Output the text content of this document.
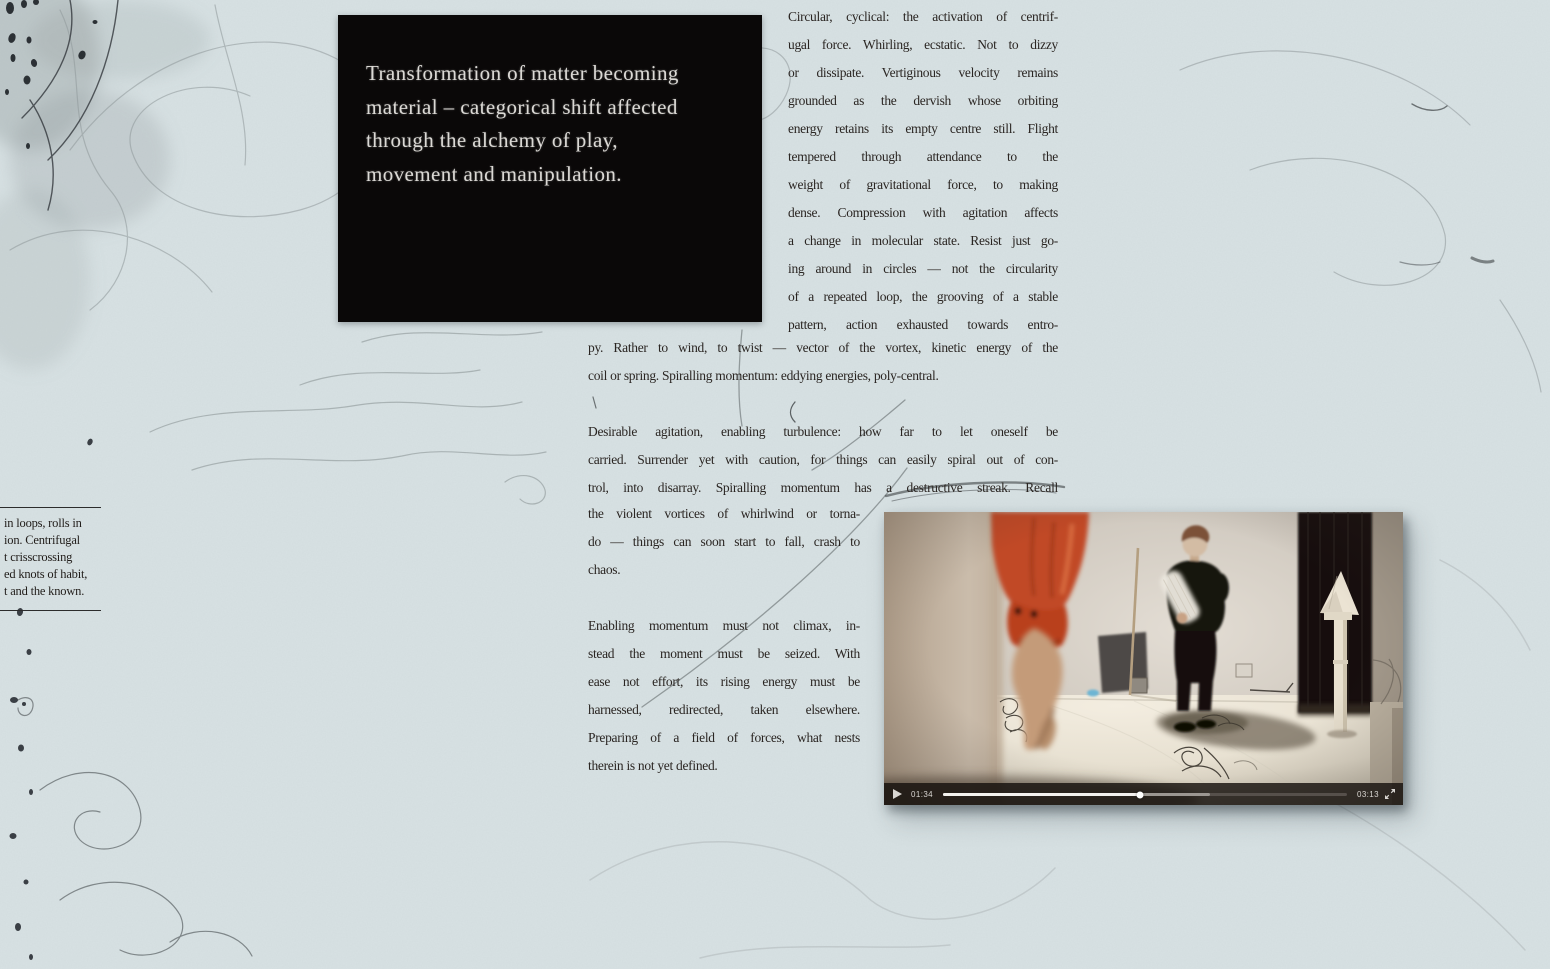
Transformation of matter becoming
material – categorical shift affected
through the alchemy of play,
movement and manipulation.
Circular, cyclical: the activation of centrif-
ugal force. Whirling, ecstatic. Not to dizzy
or dissipate. Vertiginous velocity remains
grounded as the dervish whose orbiting
energy retains its empty centre still. Flight
tempered through attendance to the
weight of gravitational force, to making
dense. Compression with agitation affects
a change in molecular state. Resist just go-
ing around in circles — not the circularity
of a repeated loop, the grooving of a stable
pattern, action exhausted towards entro-
py. Rather to wind, to twist — vector of the vortex, kinetic energy of the
coil or spring. Spiralling momentum: eddying energies, poly-central.
Desirable agitation, enabling turbulence: how far to let oneself be
carried. Surrender yet with caution, for things can easily spiral out of con-
trol, into disarray. Spiralling momentum has a destructive streak. Recall
the violent vortices of whirlwind or torna-
do — things can soon start to fall, crash to
chaos.
Enabling momentum must not climax, in-
stead the moment must be seized. With
ease not effort, its rising energy must be
harnessed, redirected, taken elsewhere.
Preparing of a field of forces, what nests
therein is not yet defined.
in loops, rolls in
ion. Centrifugal
t crisscrossing
ed knots of habit,
t and the known.
01:34	03:13
